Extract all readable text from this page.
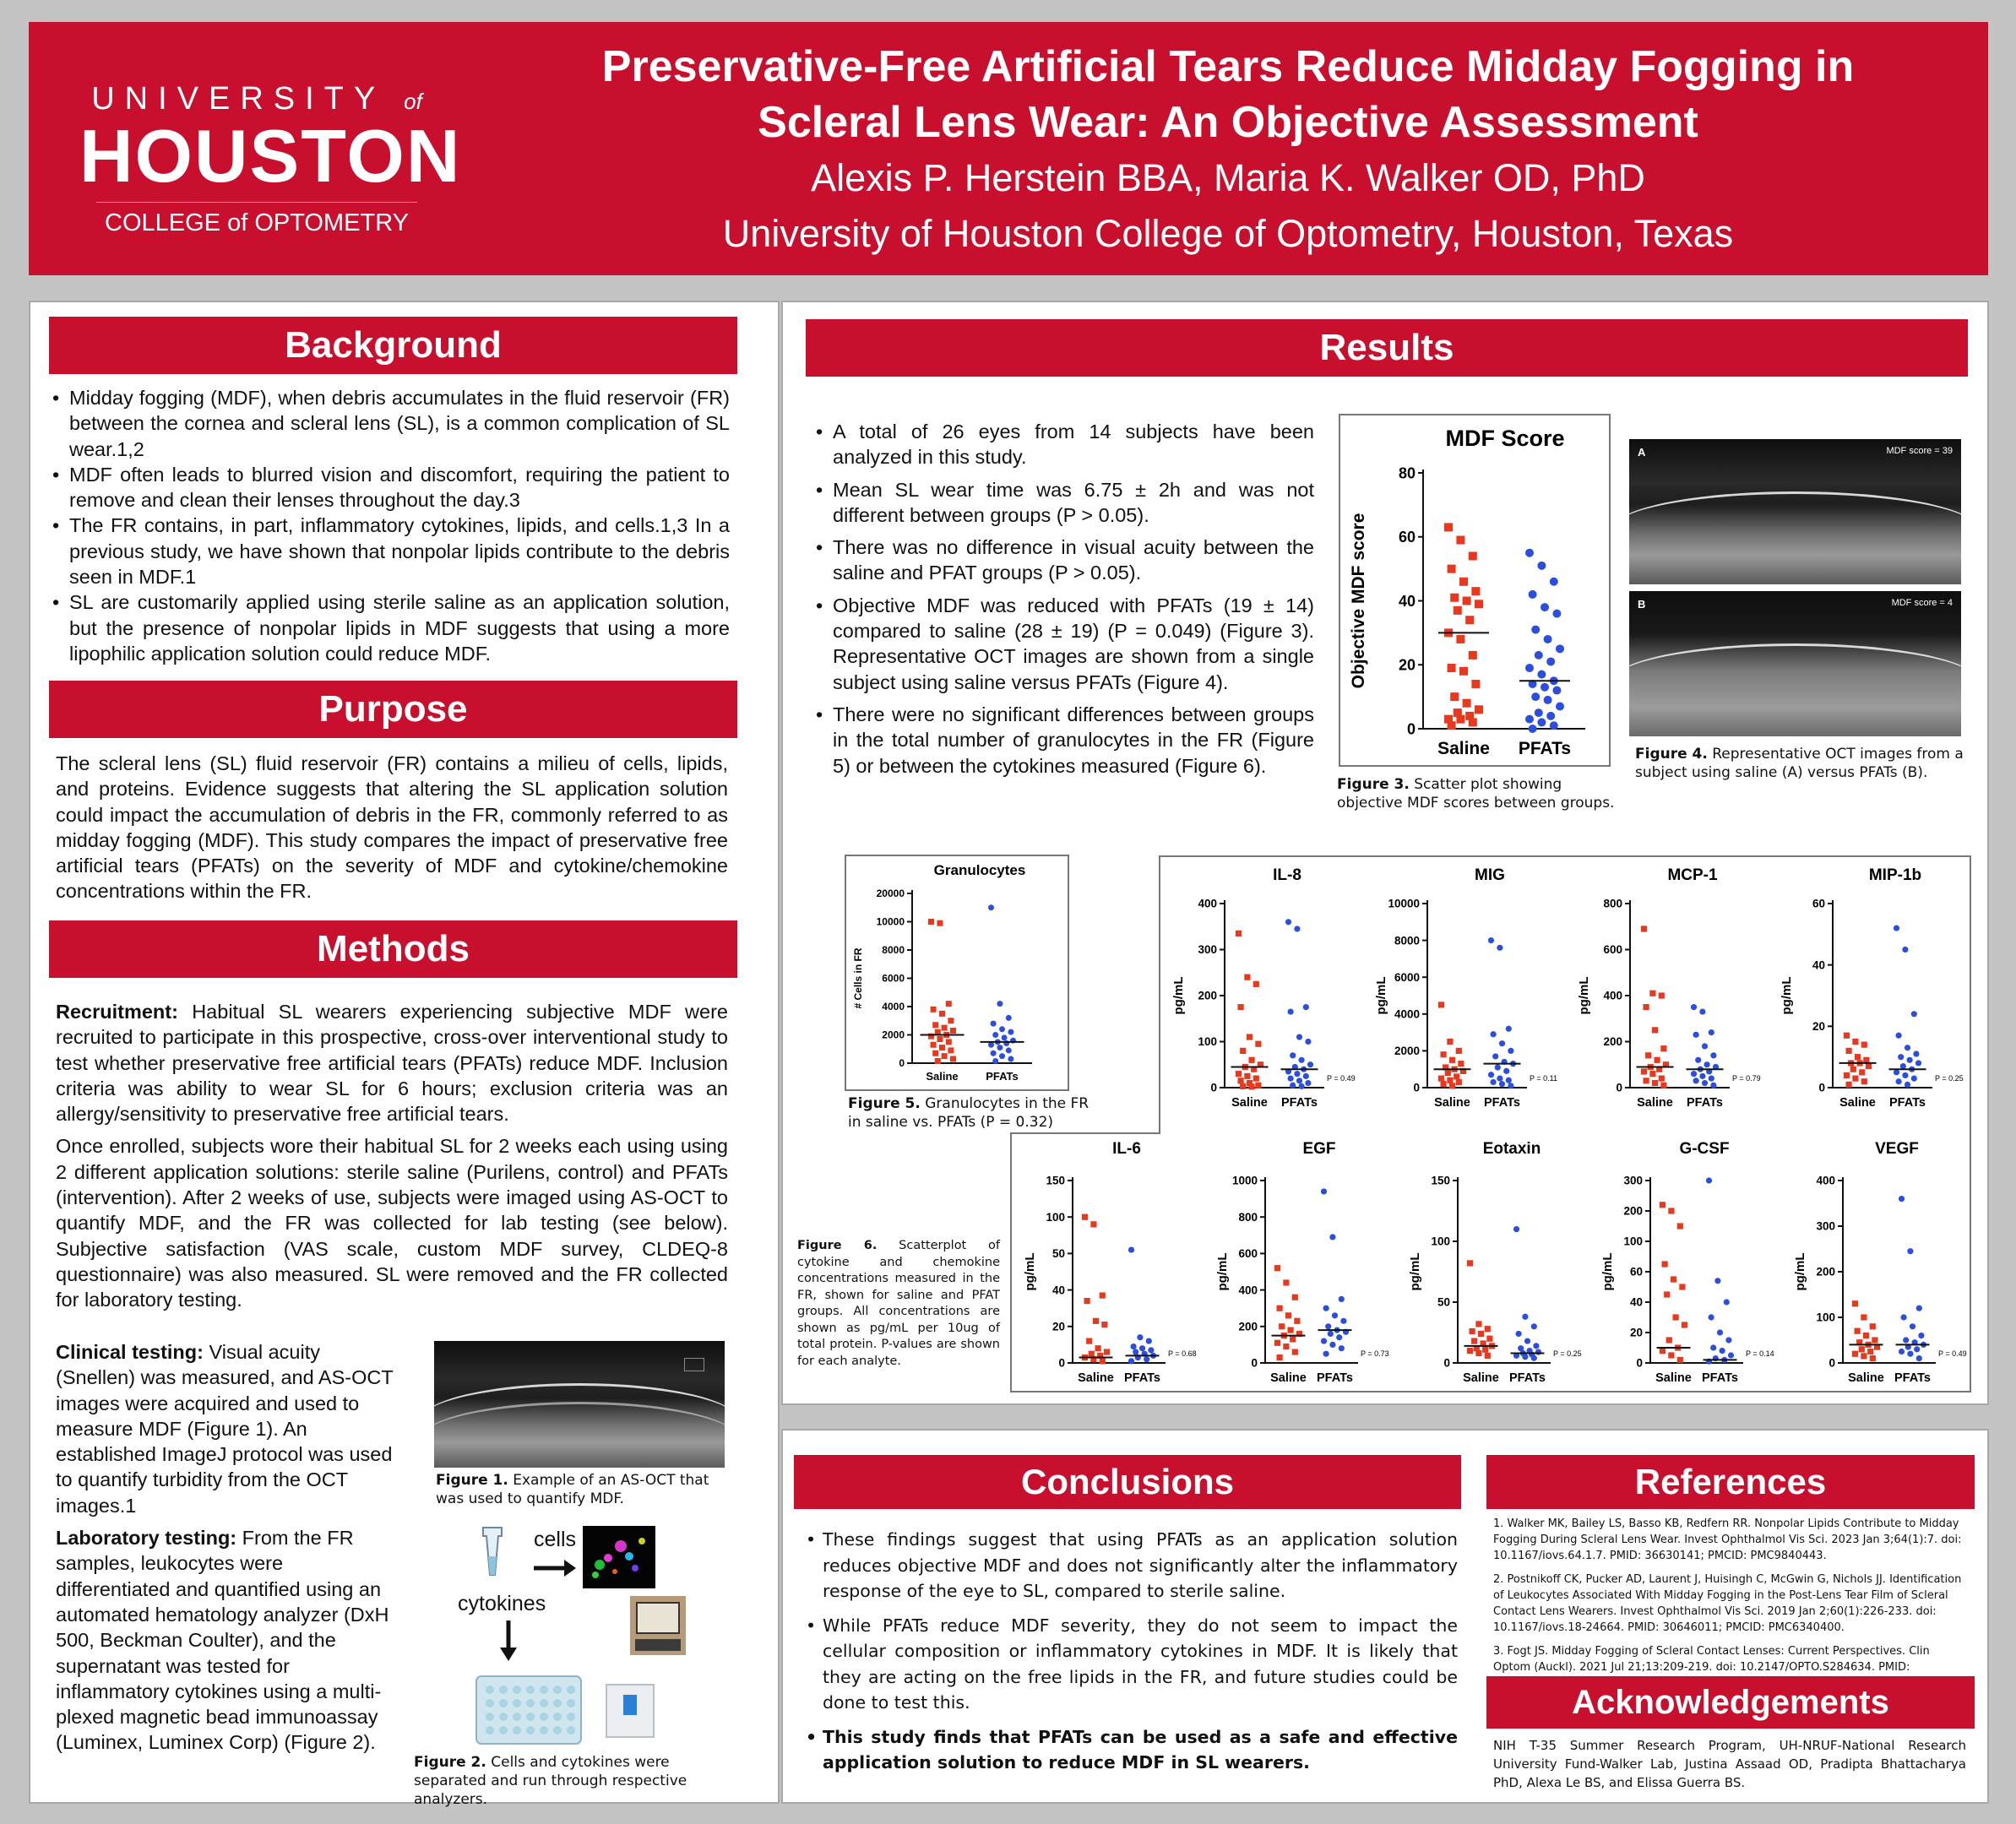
UNIVERSITY of
HOUSTON
COLLEGE of OPTOMETRY
Preservative-Free Artificial Tears Reduce Midday Fogging in
Scleral Lens Wear: An Objective Assessment
Alexis P. Herstein BBA, Maria K. Walker OD, PhD
University of Houston College of Optometry, Houston, Texas
Background
• Midday fogging (MDF), when debris accumulates in the fluid reservoir (FR) between the cornea and scleral lens (SL), is a common complication of SL wear.1,2
• MDF often leads to blurred vision and discomfort, requiring the patient to remove and clean their lenses throughout the day.3
• The FR contains, in part, inflammatory cytokines, lipids, and cells.1,3 In a previous study, we have shown that nonpolar lipids contribute to the debris seen in MDF.1
• SL are customarily applied using sterile saline as an application solution, but the presence of nonpolar lipids in MDF suggests that using a more lipophilic application solution could reduce MDF.
Purpose
The scleral lens (SL) fluid reservoir (FR) contains a milieu of cells, lipids, and proteins. Evidence suggests that altering the SL application solution could impact the accumulation of debris in the FR, commonly referred to as midday fogging (MDF). This study compares the impact of preservative free artificial tears (PFATs) on the severity of MDF and cytokine/chemokine concentrations within the FR.
Methods

Recruitment: Habitual SL wearers experiencing subjective MDF were recruited to participate in this prospective, cross-over interventional study to test whether preservative free artificial tears (PFATs) reduce MDF. Inclusion criteria was ability to wear SL for 6 hours; exclusion criteria was an allergy/sensitivity to preservative free artificial tears.

Once enrolled, subjects wore their habitual SL for 2 weeks each using using 2 different application solutions: sterile saline (Purilens, control) and PFATs (intervention). After 2 weeks of use, subjects were imaged using AS-OCT to quantify MDF, and the FR was collected for lab testing (see below). Subjective satisfaction (VAS scale, custom MDF survey, CLDEQ-8 questionnaire) was also measured. SL were removed and the FR collected for laboratory testing.

Clinical testing: Visual acuity (Snellen) was measured, and AS-OCT images were acquired and used to measure MDF (Figure 1). An established ImageJ protocol was used to quantify turbidity from the OCT images.1

Laboratory testing: From the FR samples, leukocytes were differentiated and quantified using an automated hematology analyzer (DxH 500, Beckman Coulter), and the supernatant was tested for inflammatory cytokines using a multi-plexed magnetic bead immunoassay (Luminex, Luminex Corp) (Figure 2).

Figure 1. Example of an AS-OCT that was used to quantify MDF.
cells
cytokines
Figure 2. Cells and cytokines were separated and run through respective analyzers.
Results
• A total of 26 eyes from 14 subjects have been analyzed in this study.
• Mean SL wear time was 6.75 ± 2h and was not different between groups (P > 0.05).
• There was no difference in visual acuity between the saline and PFAT groups (P > 0.05).
• Objective MDF was reduced with PFATs (19 ± 14) compared to saline (28 ± 19) (P = 0.049) (Figure 3). Representative OCT images are shown from a single subject using saline versus PFATs (Figure 4).
• There were no significant differences between groups in the total number of granulocytes in the FR (Figure 5) or between the cytokines measured (Figure 6).
MDF Score
Objective MDF score
0
20
40
60
80
Saline PFATs
Figure 3. Scatter plot showing objective MDF scores between groups.
A	MDF score = 39
B	MDF score = 4
Figure 4. Representative OCT images from a subject using saline (A) versus PFATs (B).
Granulocytes
# Cells in FR
0
2000
4000
6000
8000
10000
20000
Saline	PFATs
Figure 5. Granulocytes in the FR in saline vs. PFATs (P = 0.32)
IL-8
pg/mL
0
100
200
300
400
Saline PFATs
P = 0.49
MIG
pg/mL
0
2000
4000
6000
8000
10000
Saline PFATs
P = 0.11
MCP-1
pg/mL
0
200
400
600
800
Saline PFATs
P = 0.79
MIP-1b
pg/mL
0
20
40
60
Saline PFATs
P = 0.25
IL-6
pg/mL
0
20
40
50
100
150
Saline PFATs
P = 0.68
EGF
pg/mL
0
200
400
600
800
1000
Saline PFATs
P = 0.73
Eotaxin
pg/mL
0
50
100
150
Saline PFATs
P = 0.25
G-CSF
pg/mL
0
20
40
60
100
200
300
Saline PFATs
P = 0.14
VEGF
pg/mL
0
100
200
300
400
Saline PFATs
P = 0.49
Figure 6. Scatterplot of cytokine and chemokine concentrations measured in the FR, shown for saline and PFAT groups. All concentrations are shown as pg/mL per 10ug of total protein. P-values are shown for each analyte.
Conclusions
• These findings suggest that using PFATs as an application solution reduces objective MDF and does not significantly alter the inflammatory response of the eye to SL, compared to sterile saline.
• While PFATs reduce MDF severity, they do not seem to impact the cellular composition or inflammatory cytokines in MDF. It is likely that they are acting on the free lipids in the FR, and future studies could be done to test this.
• This study finds that PFATs can be used as a safe and effective application solution to reduce MDF in SL wearers.
References

1. Walker MK, Bailey LS, Basso KB, Redfern RR. Nonpolar Lipids Contribute to Midday Fogging During Scleral Lens Wear. Invest Ophthalmol Vis Sci. 2023 Jan 3;64(1):7. doi: 10.1167/iovs.64.1.7. PMID: 36630141; PMCID: PMC9840443.

2. Postnikoff CK, Pucker AD, Laurent J, Huisingh C, McGwin G, Nichols JJ. Identification of Leukocytes Associated With Midday Fogging in the Post-Lens Tear Film of Scleral Contact Lens Wearers. Invest Ophthalmol Vis Sci. 2019 Jan 2;60(1):226-233. doi: 10.1167/iovs.18-24664. PMID: 30646011; PMCID: PMC6340400.

3. Fogt JS. Midday Fogging of Scleral Contact Lenses: Current Perspectives. Clin Optom (Auckl). 2021 Jul 21;13:209-219. doi: 10.2147/OPTO.S284634. PMID:

Acknowledgements
NIH T-35 Summer Research Program, UH-NRUF-National Research University Fund-Walker Lab, Justina Assaad OD, Pradipta Bhattacharya PhD, Alexa Le BS, and Elissa Guerra BS.
